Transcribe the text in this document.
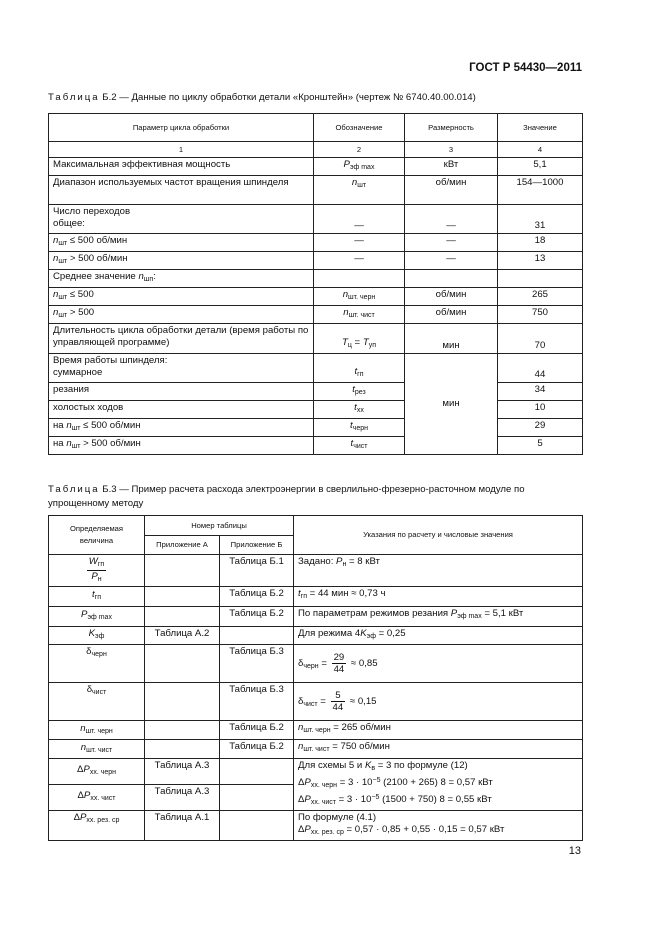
ГОСТ Р 54430—2011
Таблица Б.2 — Данные по циклу обработки детали «Кронштейн» (чертеж № 6740.40.00.014)
Параметр цикла обработки	Обозначение	Размерность	Значение
1	2	3	4
Максимальная эффективная мощность	$P_{эф max}$	кВт	5,1
Диапазон используемых частот вращения шпинделя	$n_{шт}$	об/мин	154—1000

Число переходов
общее:	—	—	31
$n_{шт} \le 500$ об/мин	—	—	18
$n_{шт} > 500$ об/мин	—	—	13
Среднее значение $n_{шп}$:			
$n_{шт} \le 500$	$n_{шт. черн}$	об/мин	265
$n_{шт} > 500$	$n_{шт. чист}$	об/мин	750
Длительность цикла обработки детали (время работы по управляющей программе)	$T_ц = T_{уп}$	мин	70

Время работы шпинделя:
суммарное	$t_{гп}$	мин	44
резания	$t_{рез}$		34
холостых ходов	$t_{хх}$		10
на $n_{шт} \le 500$ об/мин	$t_{черн}$		29
на $n_{шт} > 500$ об/мин	$t_{чист}$		5
Таблица Б.3 — Пример расчета расхода электроэнергии в сверлильно-фрезерно-расточном модуле по упрощенному методу
Определяемая величина	Номер таблицы		Указания по расчету и числовые значения
	Приложение А	Приложение Б	

$\frac{W_{гп}}{P_н}$		Таблица Б.1	Задано: $P_н = 8$ кВт
$t_{гп}$		Таблица Б.2	$t_{гп} = 44$ мин ≈ 0,73 ч
$P_{эф max}$		Таблица Б.2	По параметрам режимов резания $P_{эф max} = 5,1$ кВт
$K_{эф}$	Таблица А.2		Для режима $4K_{эф} = 0,25$
$\delta_{черн}$		Таблица Б.3	$\delta_{черн} = \frac{29}{44} \approx 0,85$
$\delta_{чист}$		Таблица Б.3	$\delta_{чист} = \frac{5}{44} \approx 0,15$
$n_{шт. черн}$		Таблица Б.2	$n_{шт. черн} = 265$ об/мин
$n_{шт. чист}$		Таблица Б.2	$n_{шт. чист} = 750$ об/мин
$\Delta P_{хх. черн}$	Таблица А.3		Для схемы 5 и $K_в = 3$ по формуле (12)
$\Delta P_{хх. черн} = 3 \cdot 10^{-5}$ (2100 + 265) 8 = 0,57 кВт
$\Delta P_{хх. чист} = 3 \cdot 10^{-5}$ (1500 + 750) 8 = 0,55 кВт

$\Delta P_{хх. чист}$	Таблица А.3		
$\Delta P_{хх. рез. ср}$	Таблица А.1		По формуле (4.1)
$\Delta P_{хх. рез. ср} = 0,57 \cdot 0,85 + 0,55 \cdot 0,15 = 0,57$ кВт
13
